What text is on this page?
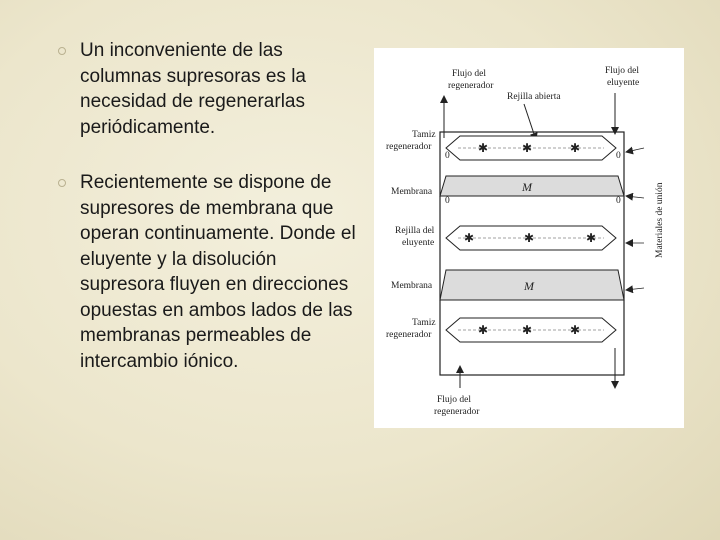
Un inconveniente de las columnas supresoras es la necesidad de regenerarlas periódicamente.
Recientemente se dispone de supresores de membrana que operan continuamente. Donde el eluyente y la disolución supresora fluyen en direcciones opuestas en ambos lados de las membranas permeables de intercambio iónico.
Flujo del
regenerador
Flujo del
eluyente
Rejilla abierta
Tamiz
regenerador
Membrana
Rejilla del
eluyente
Membrana
Tamiz
regenerador
✱	✱	✱
0	0
M
0	0
✱	✱	✱
M
✱	✱	✱
Materiales de unión
Flujo del
regenerador
